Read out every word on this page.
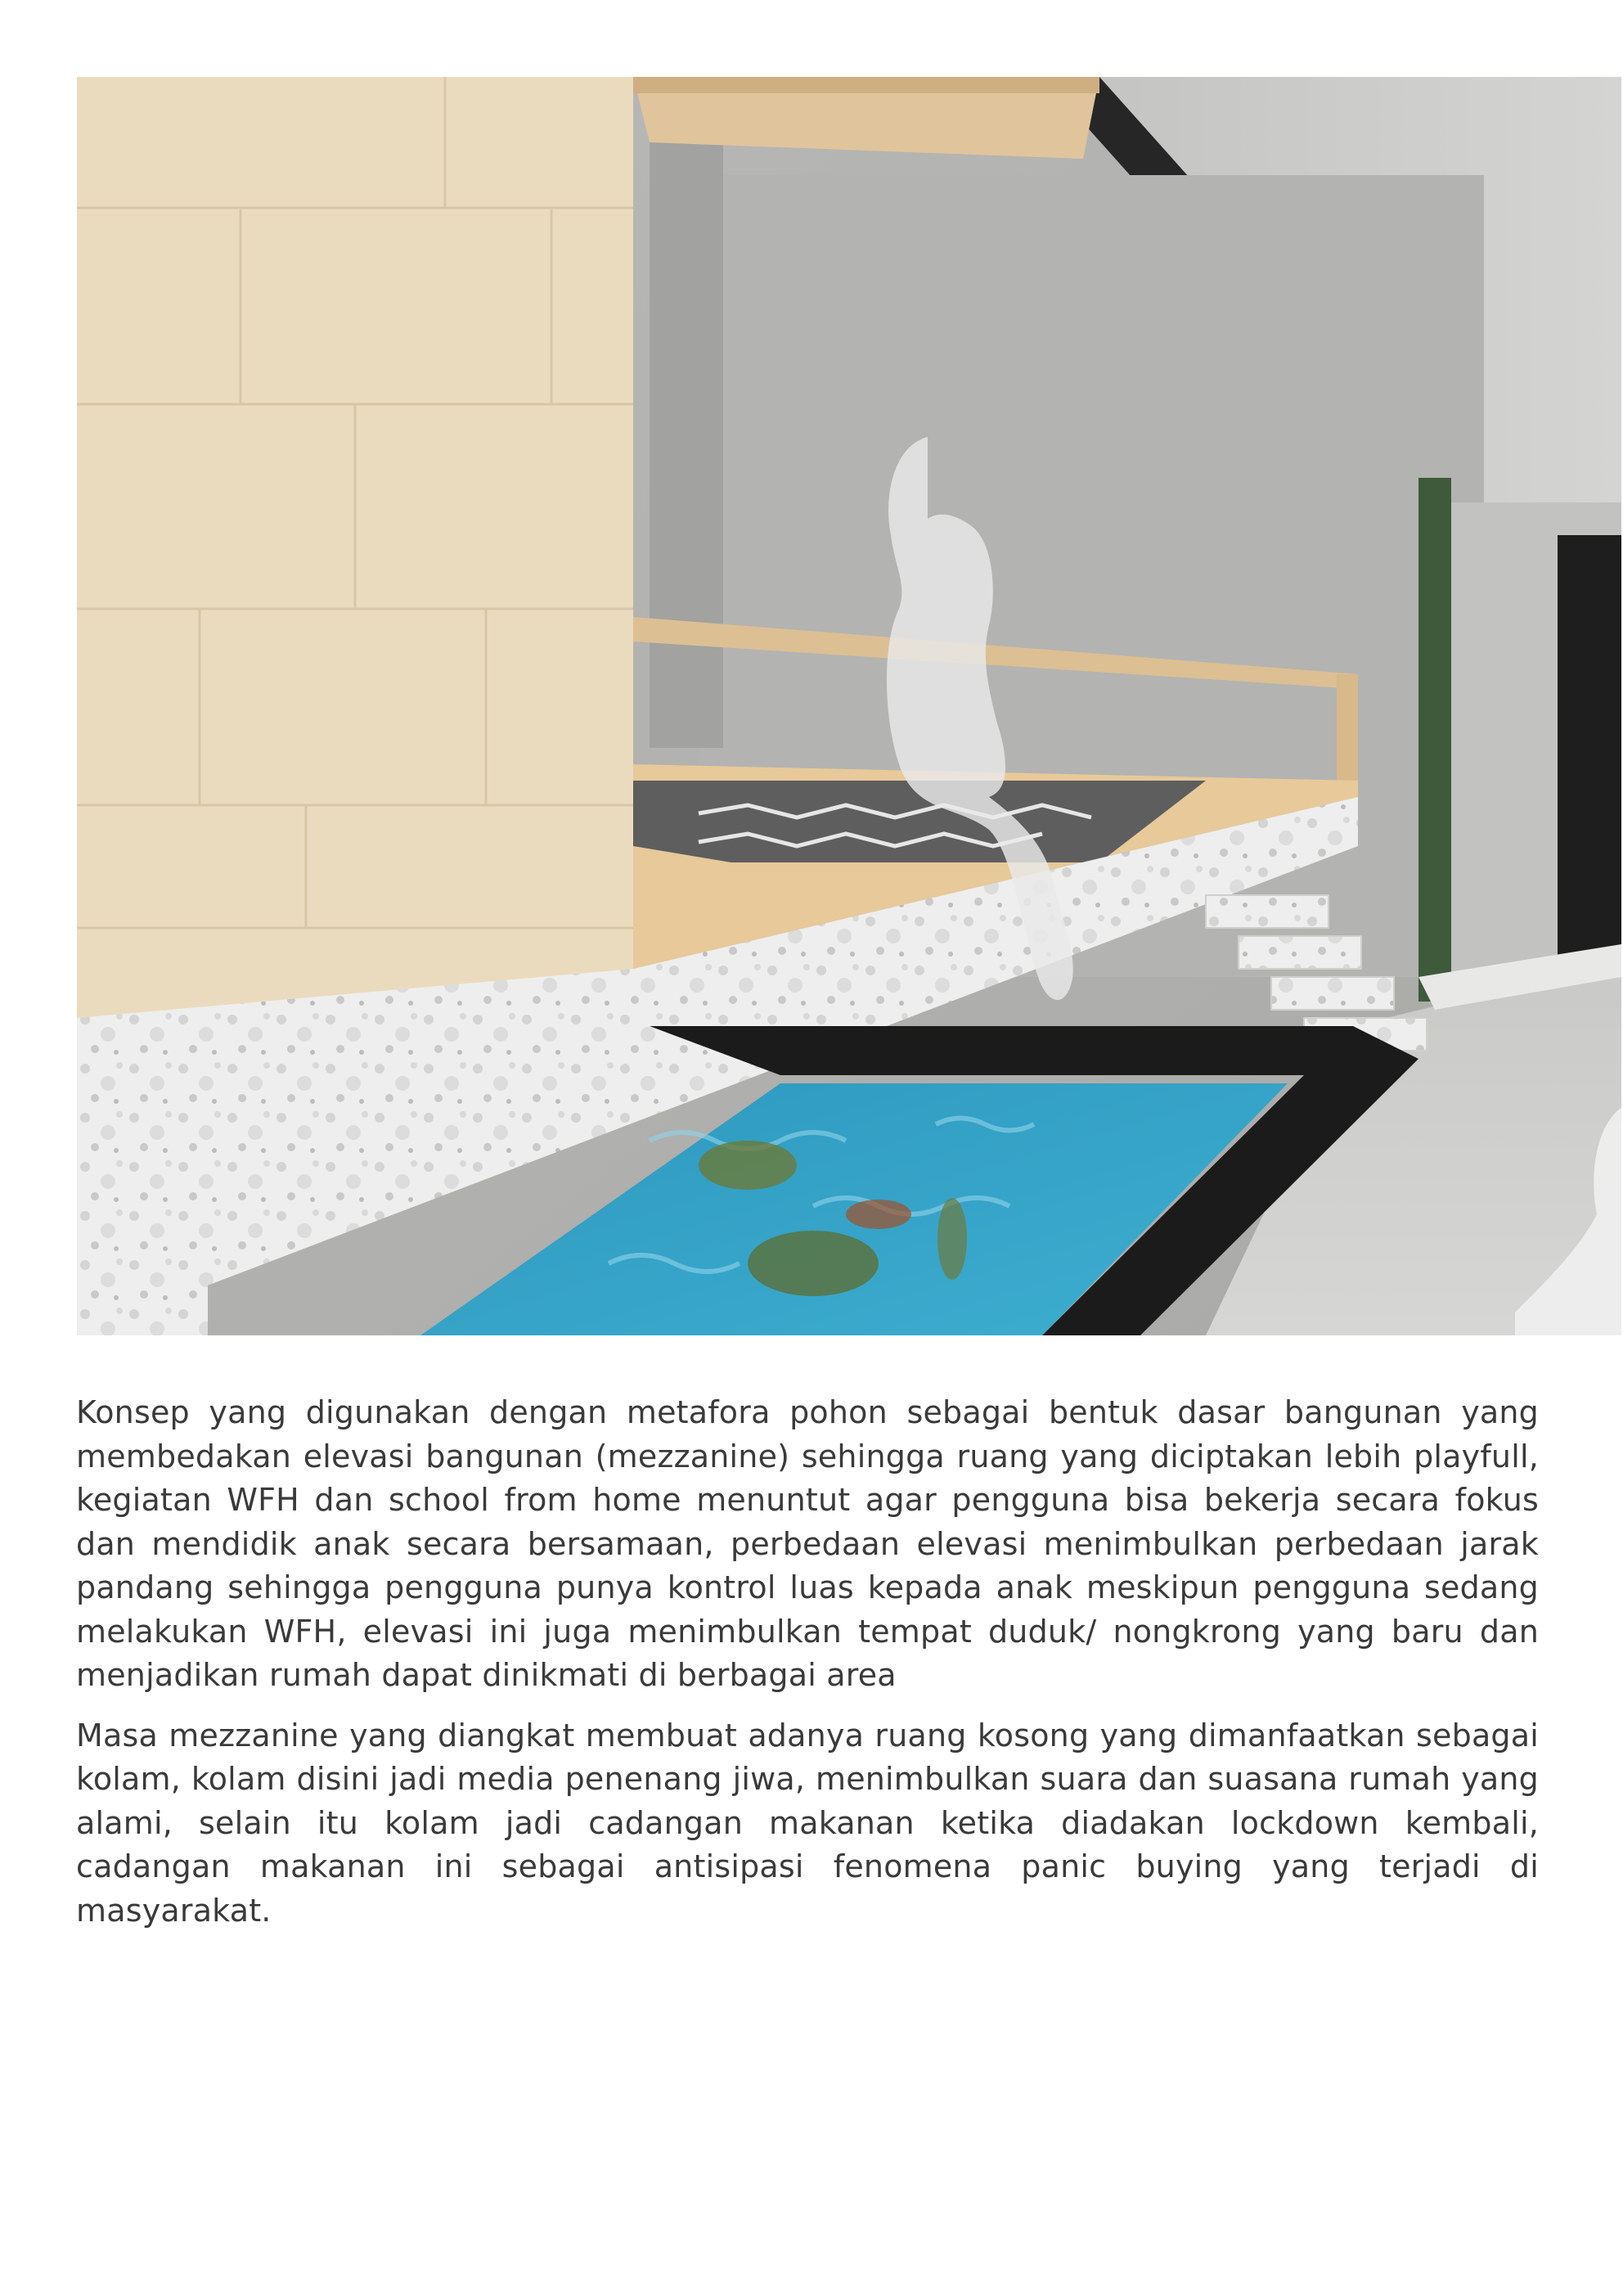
Konsep yang digunakan dengan metafora pohon sebagai bentuk dasar bangunan yang membedakan elevasi bangunan (mezzanine) sehingga ruang yang diciptakan lebih playfull, kegiatan WFH dan school from home menuntut agar pengguna bisa bekerja secara fokus dan mendidik anak secara bersamaan, perbedaan elevasi menimbulkan perbedaan jarak pandang sehingga pengguna punya kontrol luas kepada anak meskipun pengguna sedang melakukan WFH, elevasi ini juga menimbulkan tempat duduk/ nongkrong yang baru dan menjadikan rumah dapat dinikmati di berbagai area

Masa mezzanine yang diangkat membuat adanya ruang kosong yang dimanfaatkan sebagai kolam, kolam disini jadi media penenang jiwa, menimbulkan suara dan suasana rumah yang alami, selain itu kolam jadi cadangan makanan ketika diadakan lockdown kembali, cadangan makanan ini sebagai antisipasi fenomena panic buying yang terjadi di masyarakat.
